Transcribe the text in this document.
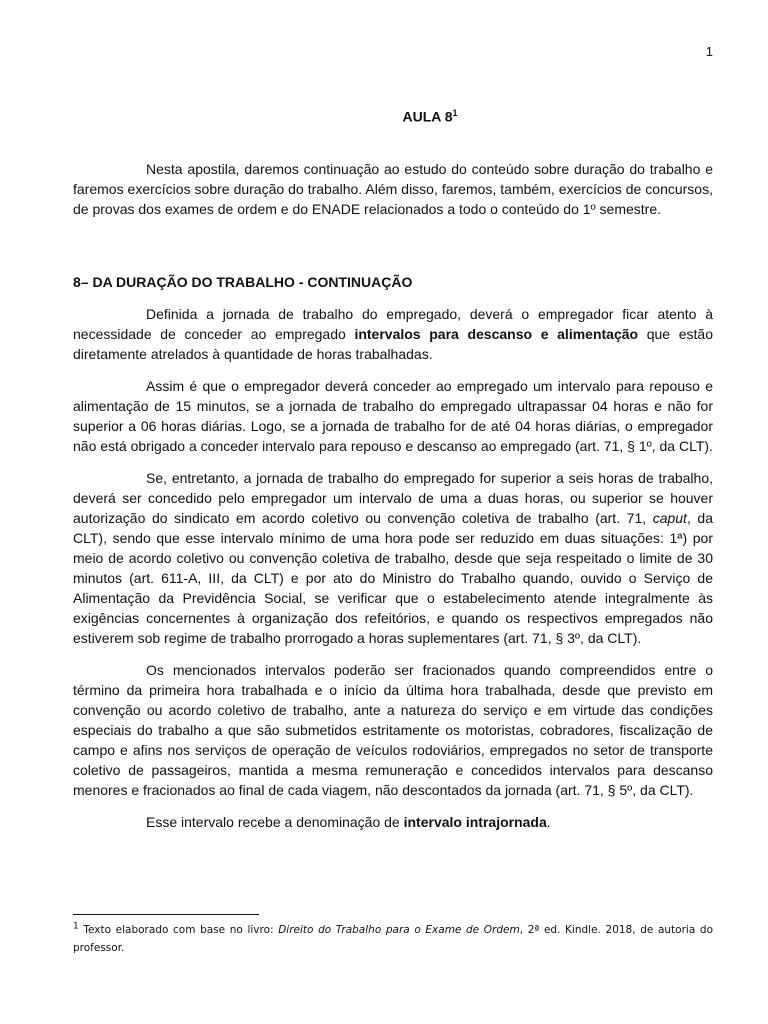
1
AULA $8^1$

Nesta apostila, daremos continuação ao estudo do conteúdo sobre duração do trabalho e faremos exercícios sobre duração do trabalho. Além disso, faremos, também, exercícios de concursos, de provas dos exames de ordem e do ENADE relacionados a todo o conteúdo do 1º semestre.

8– DA DURAÇÃO DO TRABALHO - CONTINUAÇÃO

Definida a jornada de trabalho do empregado, deverá o empregador ficar atento à necessidade de conceder ao empregado intervalos para descanso e alimentação que estão diretamente atrelados à quantidade de horas trabalhadas.

Assim é que o empregador deverá conceder ao empregado um intervalo para repouso e alimentação de 15 minutos, se a jornada de trabalho do empregado ultrapassar 04 horas e não for superior a 06 horas diárias. Logo, se a jornada de trabalho for de até 04 horas diárias, o empregador não está obrigado a conceder intervalo para repouso e descanso ao empregado (art. 71, § 1º, da CLT).

Se, entretanto, a jornada de trabalho do empregado for superior a seis horas de trabalho, deverá ser concedido pelo empregador um intervalo de uma a duas horas, ou superior se houver autorização do sindicato em acordo coletivo ou convenção coletiva de trabalho (art. 71, caput, da CLT), sendo que esse intervalo mínimo de uma hora pode ser reduzido em duas situações: 1ª) por meio de acordo coletivo ou convenção coletiva de trabalho, desde que seja respeitado o limite de 30 minutos (art. 611-A, III, da CLT) e por ato do Ministro do Trabalho quando, ouvido o Serviço de Alimentação da Previdência Social, se verificar que o estabelecimento atende integralmente às exigências concernentes à organização dos refeitórios, e quando os respectivos empregados não estiverem sob regime de trabalho prorrogado a horas suplementares (art. 71, § 3º, da CLT).

Os mencionados intervalos poderão ser fracionados quando compreendidos entre o término da primeira hora trabalhada e o início da última hora trabalhada, desde que previsto em convenção ou acordo coletivo de trabalho, ante a natureza do serviço e em virtude das condições especiais do trabalho a que são submetidos estritamente os motoristas, cobradores, fiscalização de campo e afins nos serviços de operação de veículos rodoviários, empregados no setor de transporte coletivo de passageiros, mantida a mesma remuneração e concedidos intervalos para descanso menores e fracionados ao final de cada viagem, não descontados da jornada (art. 71, § 5º, da CLT).

Esse intervalo recebe a denominação de intervalo intrajornada.

1 Texto elaborado com base no livro: Direito do Trabalho para o Exame de Ordem, 2ª ed. Kindle. 2018, de autoria do professor.
